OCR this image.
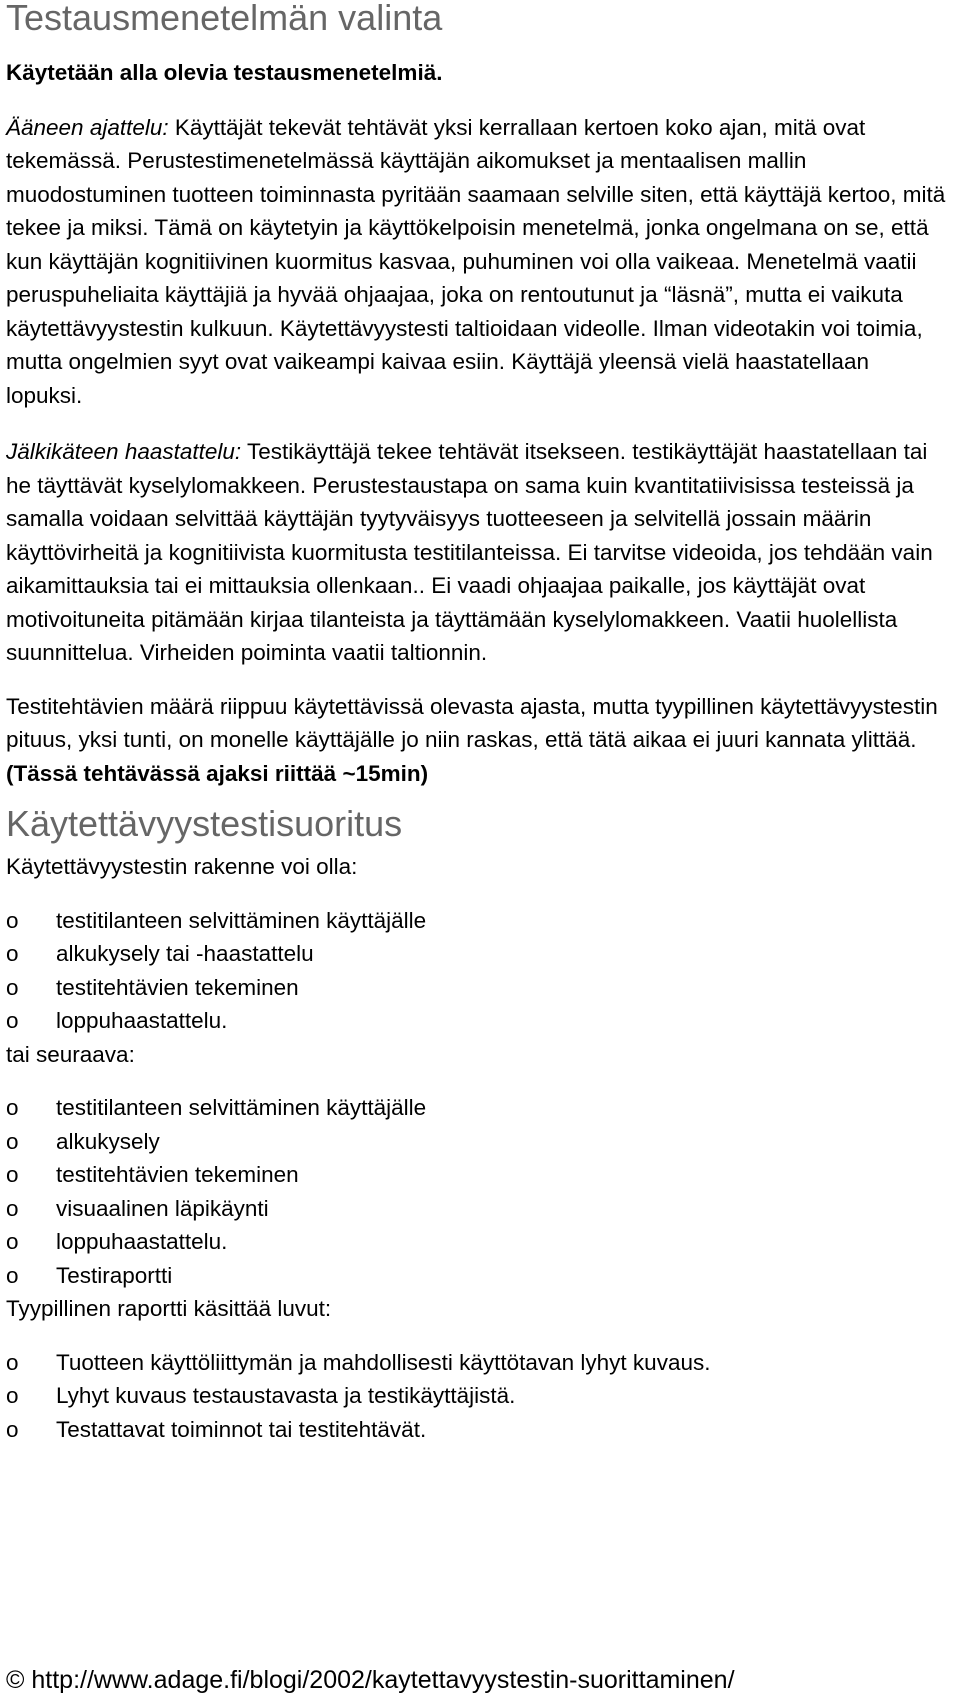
Testausmenetelmän valinta

Käytetään alla olevia testausmenetelmiä.

Ääneen ajattelu: Käyttäjät tekevät tehtävät yksi kerrallaan kertoen koko ajan, mitä ovat tekemässä. Perustestimenetelmässä käyttäjän aikomukset ja mentaalisen mallin muodostuminen tuotteen toiminnasta pyritään saamaan selville siten, että käyttäjä kertoo, mitä tekee ja miksi. Tämä on käytetyin ja käyttökelpoisin menetelmä, jonka ongelmana on se, että kun käyttäjän kognitiivinen kuormitus kasvaa, puhuminen voi olla vaikeaa. Menetelmä vaatii peruspuheliaita käyttäjiä ja hyvää ohjaajaa, joka on rentoutunut ja “läsnä”, mutta ei vaikuta käytettävyystestin kulkuun. Käytettävyystesti taltioidaan videolle. Ilman videotakin voi toimia, mutta ongelmien syyt ovat vaikeampi kaivaa esiin. Käyttäjä yleensä vielä haastatellaan lopuksi.

Jälkikäteen haastattelu: Testikäyttäjä tekee tehtävät itsekseen. testikäyttäjät haastatellaan tai he täyttävät kyselylomakkeen. Perustestaustapa on sama kuin kvantitatiivisissa testeissä ja samalla voidaan selvittää käyttäjän tyytyväisyys tuotteeseen ja selvitellä jossain määrin käyttövirheitä ja kognitiivista kuormitusta testitilanteissa. Ei tarvitse videoida, jos tehdään vain aikamittauksia tai ei mittauksia ollenkaan.. Ei vaadi ohjaajaa paikalle, jos käyttäjät ovat motivoituneita pitämään kirjaa tilanteista ja täyttämään kyselylomakkeen. Vaatii huolellista suunnittelua. Virheiden poiminta vaatii taltionnin.

Testitehtävien määrä riippuu käytettävissä olevasta ajasta, mutta tyypillinen käytettävyystestin pituus, yksi tunti, on monelle käyttäjälle jo niin raskas, että tätä aikaa ei juuri kannata ylittää. (Tässä tehtävässä ajaksi riittää ~15min)

Käytettävyystestisuoritus

Käytettävyystestin rakenne voi olla:

o testitilanteen selvittäminen käyttäjälle
o alkukysely tai -haastattelu
o testitehtävien tekeminen
o loppuhaastattelu.

tai seuraava:

o testitilanteen selvittäminen käyttäjälle
o alkukysely
o testitehtävien tekeminen
o visuaalinen läpikäynti
o loppuhaastattelu.
o Testiraportti

Tyypillinen raportti käsittää luvut:

o Tuotteen käyttöliittymän ja mahdollisesti käyttötavan lyhyt kuvaus.
o Lyhyt kuvaus testaustavasta ja testikäyttäjistä.
o Testattavat toiminnot tai testitehtävät.
© http://www.adage.fi/blogi/2002/kaytettavyystestin-suorittaminen/
